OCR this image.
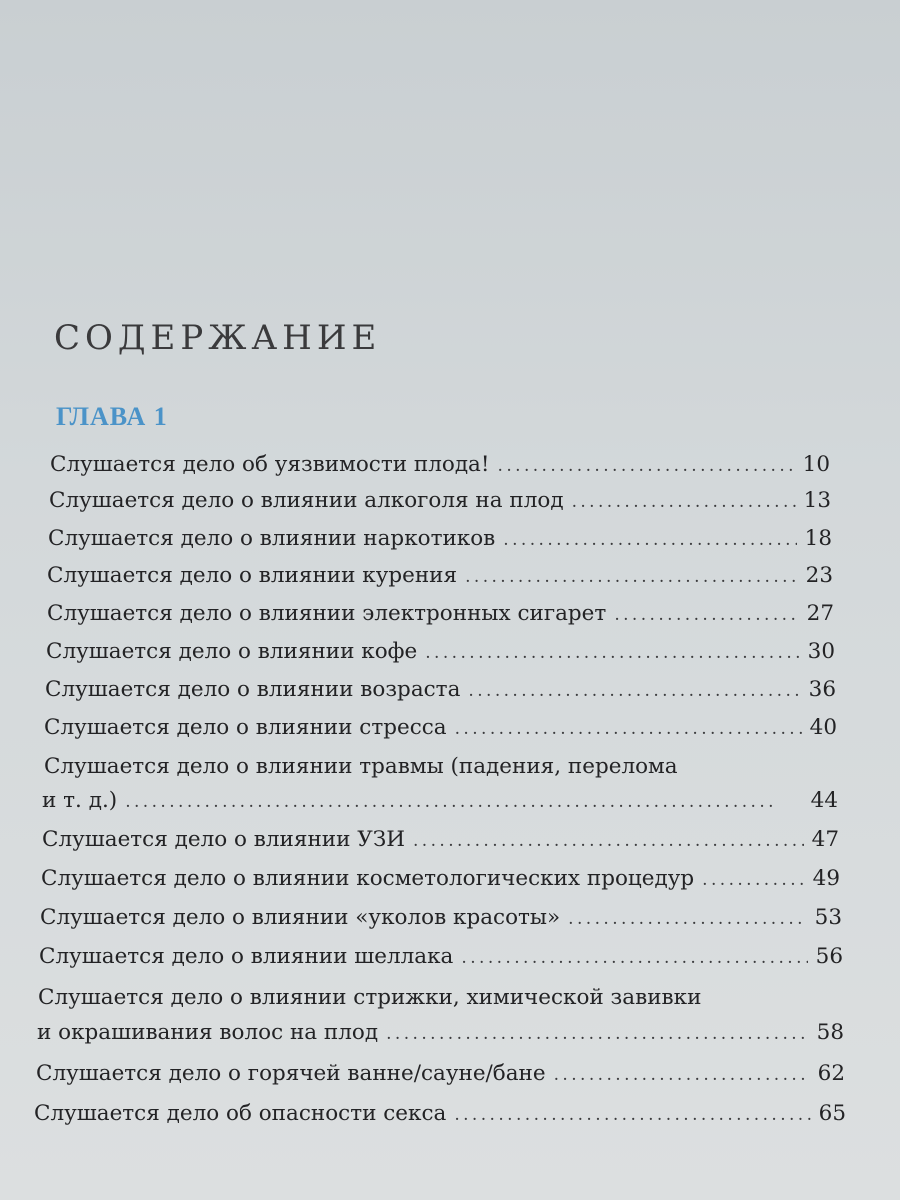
СОДЕРЖАНИЕ
ГЛАВА 1
Слушается дело об уязвимости плода! . . .	10
Слушается дело о влиянии алкоголя на плод . . .	13
Слушается дело о влиянии наркотиков . . .	18
Слушается дело о влиянии курения . . .	23
Слушается дело о влиянии электронных сигарет . . .	27
Слушается дело о влиянии кофе . . .	30
Слушается дело о влиянии возраста . . .	36
Слушается дело о влиянии стресса . . .	40
Слушается дело о влиянии травмы (падения, перелома
и т. д.) . . .	44
Слушается дело о влиянии УЗИ . . .	47
Слушается дело о влиянии косметологических процедур . . .	49
Слушается дело о влиянии «уколов красоты» . . .	53
Слушается дело о влиянии шеллака . . .	56
Слушается дело о влиянии стрижки, химической завивки
и окрашивания волос на плод . . .	58
Слушается дело о горячей ванне/сауне/бане . . .	62
Слушается дело об опасности секса . . .	65
